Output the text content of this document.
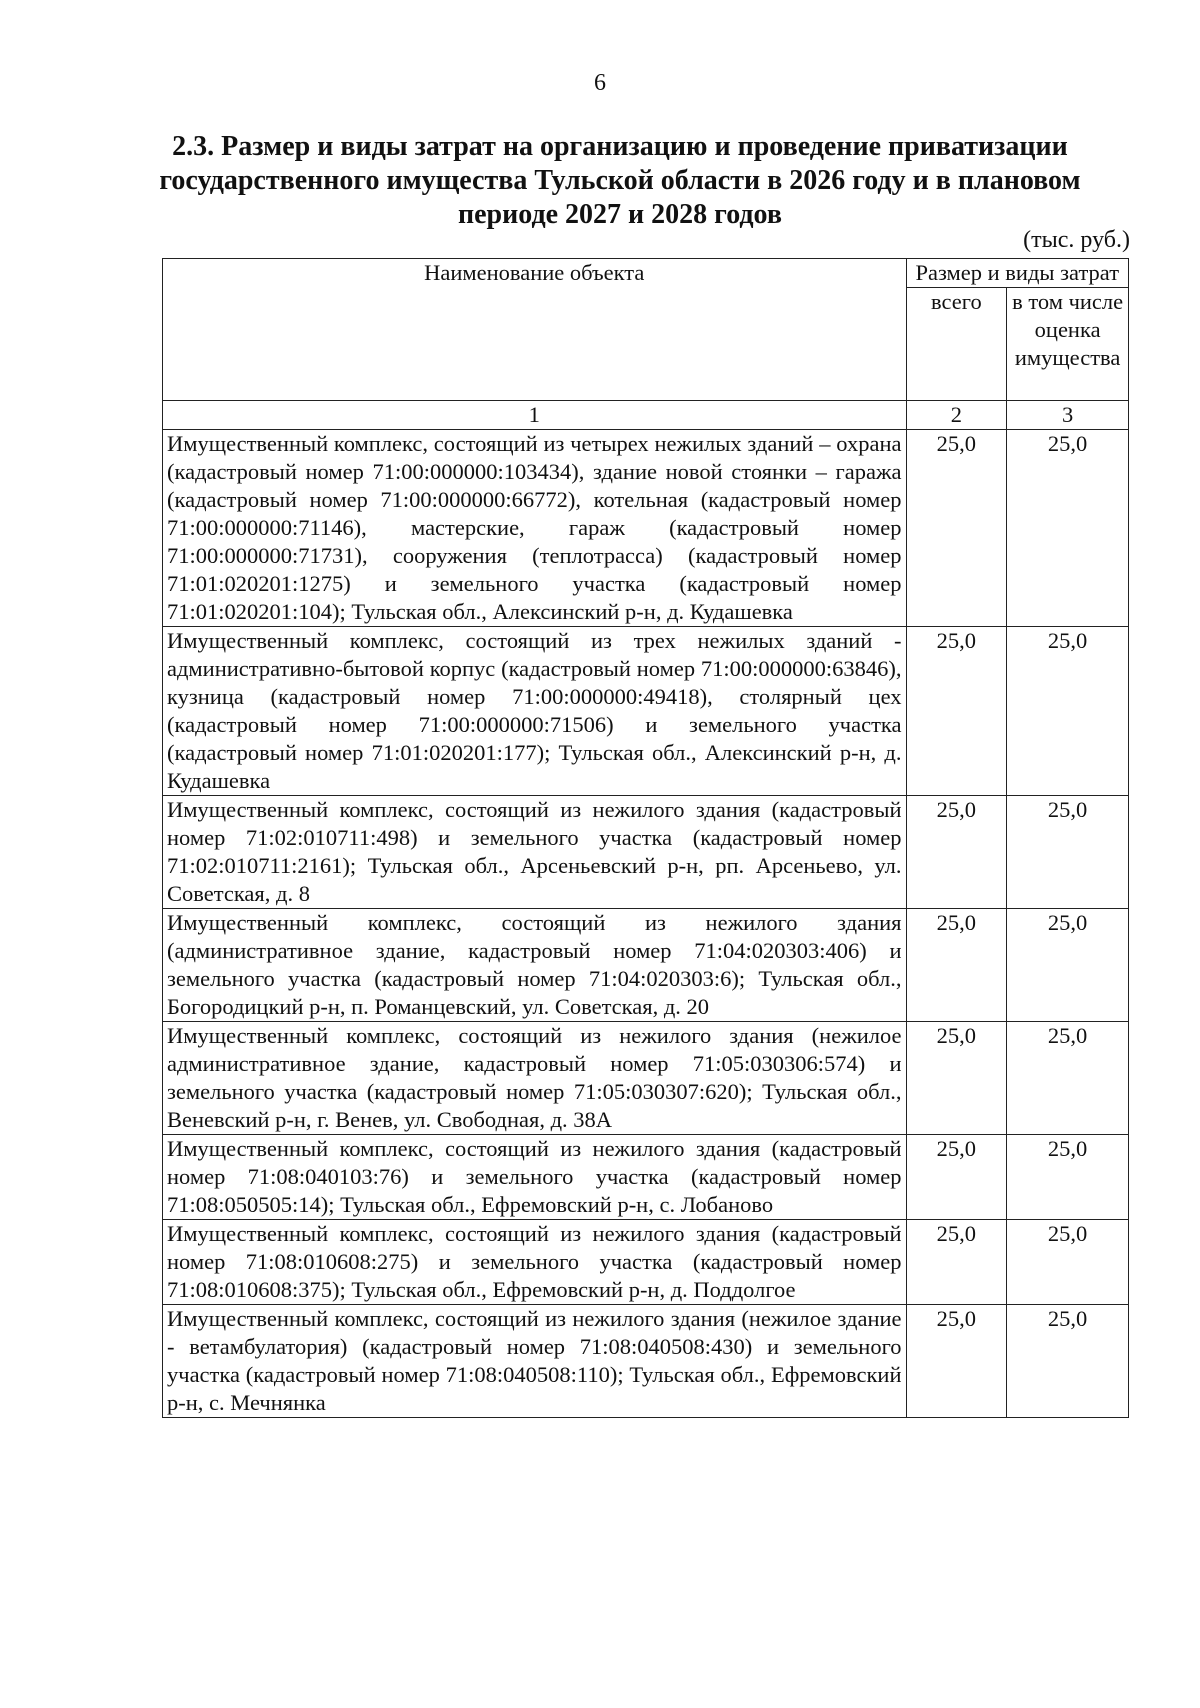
6
2.3. Размер и виды затрат на организацию и проведение приватизации государственного имущества Тульской области в 2026 году и в плановом периоде 2027 и 2028 годов
(тыс. руб.)
Наименование объекта	Размер и виды затрат	
	всего	в том числе оценка имущества
1	2	3
Имущественный комплекс, состоящий из четырех нежилых зданий – охрана (кадастровый номер 71:00:000000:103434), здание новой стоянки – гаража (кадастровый номер 71:00:000000:66772), котельная (кадастровый номер 71:00:000000:71146), мастерские, гараж (кадастровый номер 71:00:000000:71731), сооружения (теплотрасса) (кадастровый номер 71:01:020201:1275) и земельного участка (кадастровый номер 71:01:020201:104); Тульская обл., Алексинский р-н, д. Кудашевка	25,0	25,0
Имущественный комплекс, состоящий из трех нежилых зданий - административно-бытовой корпус (кадастровый номер 71:00:000000:63846), кузница (кадастровый номер 71:00:000000:49418), столярный цех (кадастровый номер 71:00:000000:71506) и земельного участка (кадастровый номер 71:01:020201:177); Тульская обл., Алексинский р-н, д. Кудашевка	25,0	25,0
Имущественный комплекс, состоящий из нежилого здания (кадастровый номер 71:02:010711:498) и земельного участка (кадастровый номер 71:02:010711:2161); Тульская обл., Арсеньевский р-н, рп. Арсеньево, ул. Советская, д. 8	25,0	25,0
Имущественный комплекс, состоящий из нежилого здания (административное здание, кадастровый номер 71:04:020303:406) и земельного участка (кадастровый номер 71:04:020303:6); Тульская обл., Богородицкий р-н, п. Романцевский, ул. Советская, д. 20	25,0	25,0
Имущественный комплекс, состоящий из нежилого здания (нежилое административное здание, кадастровый номер 71:05:030306:574) и земельного участка (кадастровый номер 71:05:030307:620); Тульская обл., Веневский р-н, г. Венев, ул. Свободная, д. 38А	25,0	25,0
Имущественный комплекс, состоящий из нежилого здания (кадастровый номер 71:08:040103:76) и земельного участка (кадастровый номер 71:08:050505:14); Тульская обл., Ефремовский р-н, с. Лобаново	25,0	25,0
Имущественный комплекс, состоящий из нежилого здания (кадастровый номер 71:08:010608:275) и земельного участка (кадастровый номер 71:08:010608:375); Тульская обл., Ефремовский р-н, д. Поддолгое	25,0	25,0
Имущественный комплекс, состоящий из нежилого здания (нежилое здание - ветамбулатория) (кадастровый номер 71:08:040508:430) и земельного участка (кадастровый номер 71:08:040508:110); Тульская обл., Ефремовский р-н, с. Мечнянка	25,0	25,0
